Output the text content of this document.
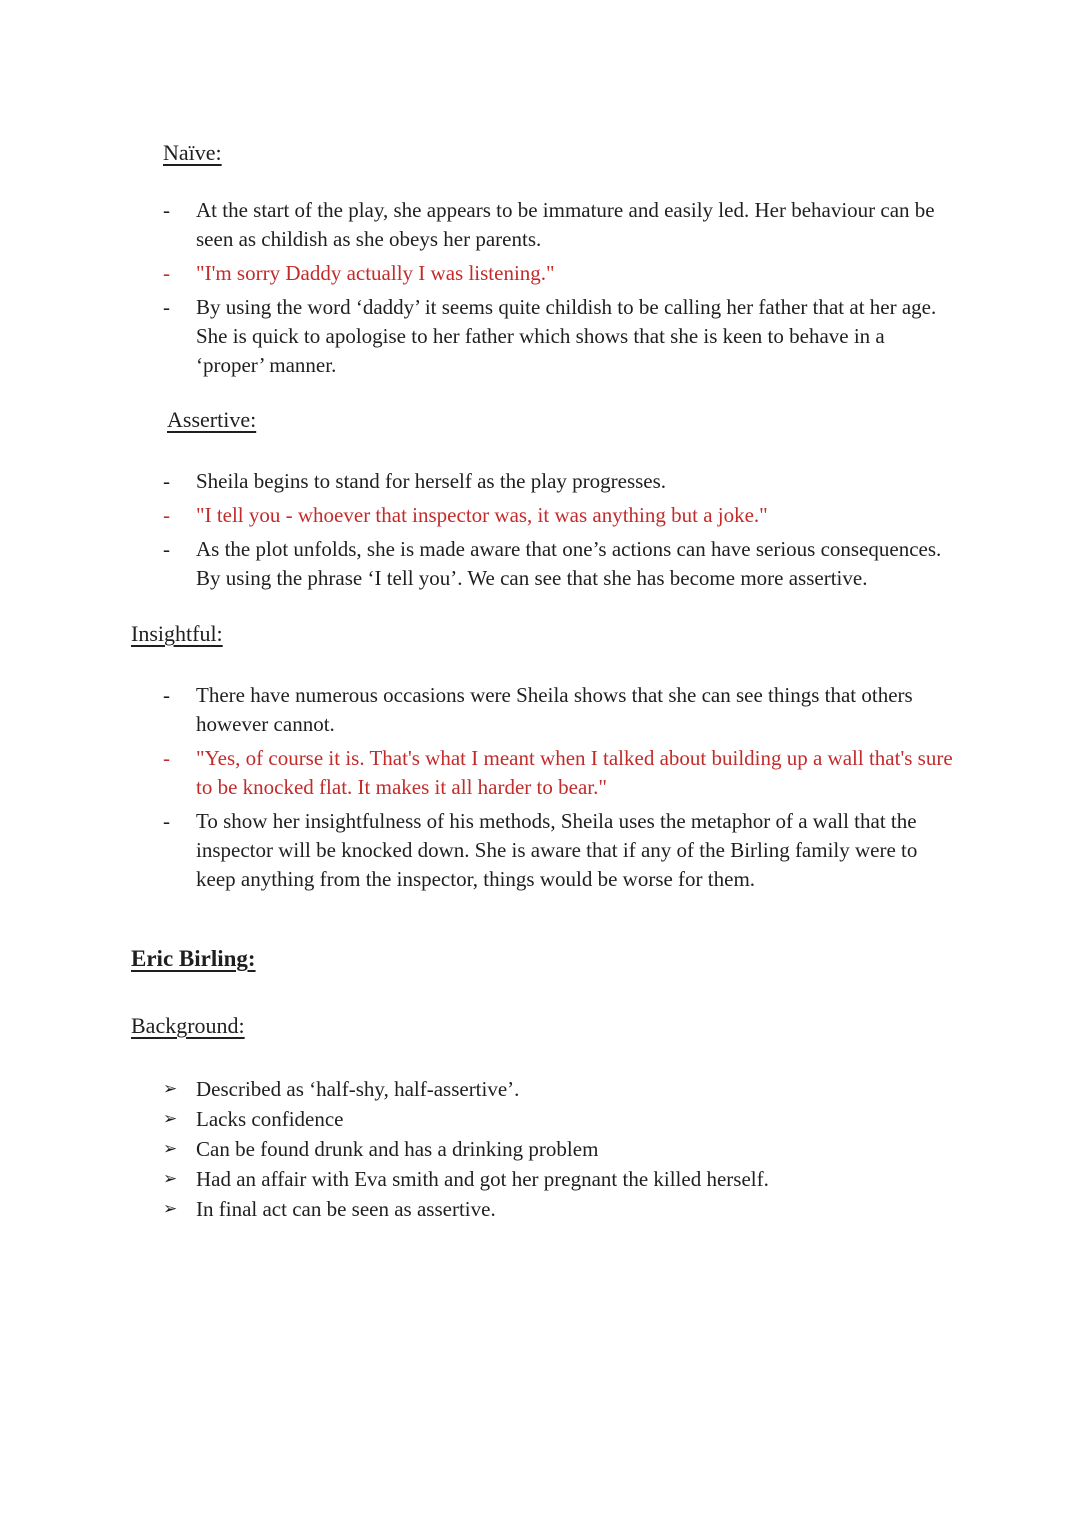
Naïve:
-	At the start of the play, she appears to be immature and easily led. Her behaviour can be seen as childish as she obeys her parents.
-	"I'm sorry Daddy actually I was listening."
-	By using the word ‘daddy’ it seems quite childish to be calling her father that at her age. She is quick to apologise to her father which shows that she is keen to behave in a ‘proper’ manner.
Assertive:
-	Sheila begins to stand for herself as the play progresses.
-	"I tell you - whoever that inspector was, it was anything but a joke."
-	As the plot unfolds, she is made aware that one’s actions can have serious consequences. By using the phrase ‘I tell you’. We can see that she has become more assertive.
Insightful:
-	There have numerous occasions were Sheila shows that she can see things that others however cannot.
-	"Yes, of course it is. That's what I meant when I talked about building up a wall that's sure to be knocked flat. It makes it all harder to bear."
-	To show her insightfulness of his methods, Sheila uses the metaphor of a wall that the inspector will be knocked down. She is aware that if any of the Birling family were to keep anything from the inspector, things would be worse for them.
Eric Birling:
Background:
➢ Described as ‘half-shy, half-assertive’.
➢ Lacks confidence
➢ Can be found drunk and has a drinking problem
➢ Had an affair with Eva smith and got her pregnant the killed herself.
➢ In final act can be seen as assertive.
